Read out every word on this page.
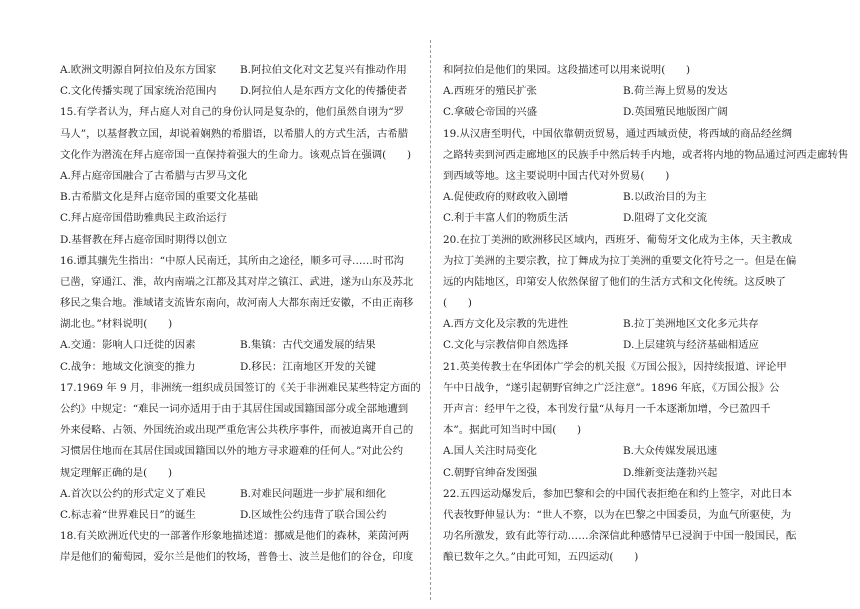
A.欧洲文明源自阿拉伯及东方国家	B.阿拉伯文化对文艺复兴有推动作用
C.文化传播实现了国家统治范围内	D.阿拉伯人是东西方文化的传播使者
15.有学者认为，拜占庭人对自己的身份认同是复杂的，他们虽然自诩为“罗
马人”，以基督教立国，却说着娴熟的希腊语，以希腊人的方式生活，古希腊
文化作为潜流在拜占庭帝国一直保持着强大的生命力。该观点旨在强调(　　)
A.拜占庭帝国融合了古希腊与古罗马文化
B.古希腊文化是拜占庭帝国的重要文化基础
C.拜占庭帝国借助雅典民主政治运行
D.基督教在拜占庭帝国时期得以创立
16.谭其骧先生指出：“中原人民南迁，其所由之途径，顺多可寻……时邗沟
已凿，穿通江、淮，故内南端之江都及其对岸之镇江、武进，遂为山东及苏北
移民之集合地。淮域诸支流皆东南向，故河南人大都东南迁安徽，不由正南移
湖北也。”材料说明(　　)
A.交通：影响人口迁徙的因素	B.集镇：古代交通发展的结果
C.战争：地域文化演变的推力	D.移民：江南地区开发的关键
17.1969 年 9 月，非洲统一组织成员国签订的《关于非洲难民某些特定方面的
公约》中规定：“难民一词亦适用于由于其居住国或国籍国部分或全部地遭到
外来侵略、占领、外国统治或出现严重危害公共秩序事件，而被迫离开自己的
习惯居住地而在其居住国或国籍国以外的地方寻求避难的任何人。”对此公约
规定理解正确的是(　　)
A.首次以公约的形式定义了难民	B.对难民问题进一步扩展和细化
C.标志着“世界难民日”的诞生	D.区域性公约违背了联合国公约
18.有关欧洲近代史的一部著作形象地描述道：挪威是他们的森林，莱茵河两
岸是他们的葡萄园，爱尔兰是他们的牧场，普鲁士、波兰是他们的谷仓，印度
和阿拉伯是他们的果园。这段描述可以用来说明(　　)
A.西班牙的殖民扩张	B.荷兰海上贸易的发达
C.拿破仑帝国的兴盛	D.英国殖民地版图广阔
19.从汉唐至明代，中国依靠朝贡贸易，通过西域贡使，将西域的商品经丝绸
之路转卖到河西走廊地区的民族手中然后转手内地，或者将内地的物品通过河西走廊转售
到西域等地。这主要说明中国古代对外贸易(　　)
A.促使政府的财政收入剧增	B.以政治目的为主
C.利于丰富人们的物质生活	D.阻碍了文化交流
20.在拉丁美洲的欧洲移民区域内，西班牙、葡萄牙文化成为主体，天主教成
为拉丁美洲的主要宗教，拉丁舞成为拉丁美洲的重要文化符号之一。但是在偏
远的内陆地区，印第安人依然保留了他们的生活方式和文化传统。这反映了
(　　)
A.西方文化及宗教的先进性	B.拉丁美洲地区文化多元共存
C.文化与宗教信仰自然选择	D.上层建筑与经济基础相适应
21.英美传教士在华团体广学会的机关报《万国公报》，因持续报道、评论甲
午中日战争，“遂引起朝野官绅之广泛注意”。1896 年底，《万国公报》公
开声言：经甲午之役，本刊发行量“从每月一千本逐渐加增，今已盈四千
本”。据此可知当时中国(　　)
A.国人关注时局变化	B.大众传媒发展迅速
C.朝野官绅奋发图强	D.维新变法蓬勃兴起
22.五四运动爆发后，参加巴黎和会的中国代表拒绝在和约上签字，对此日本
代表牧野伸显认为：“世人不察，以为在巴黎之中国委员，为血气所驱使，为
功名所激发，致有此等行动……余深信此种感情早已浸润于中国一般国民，酝
酿已数年之久。”由此可知，五四运动(　　)
